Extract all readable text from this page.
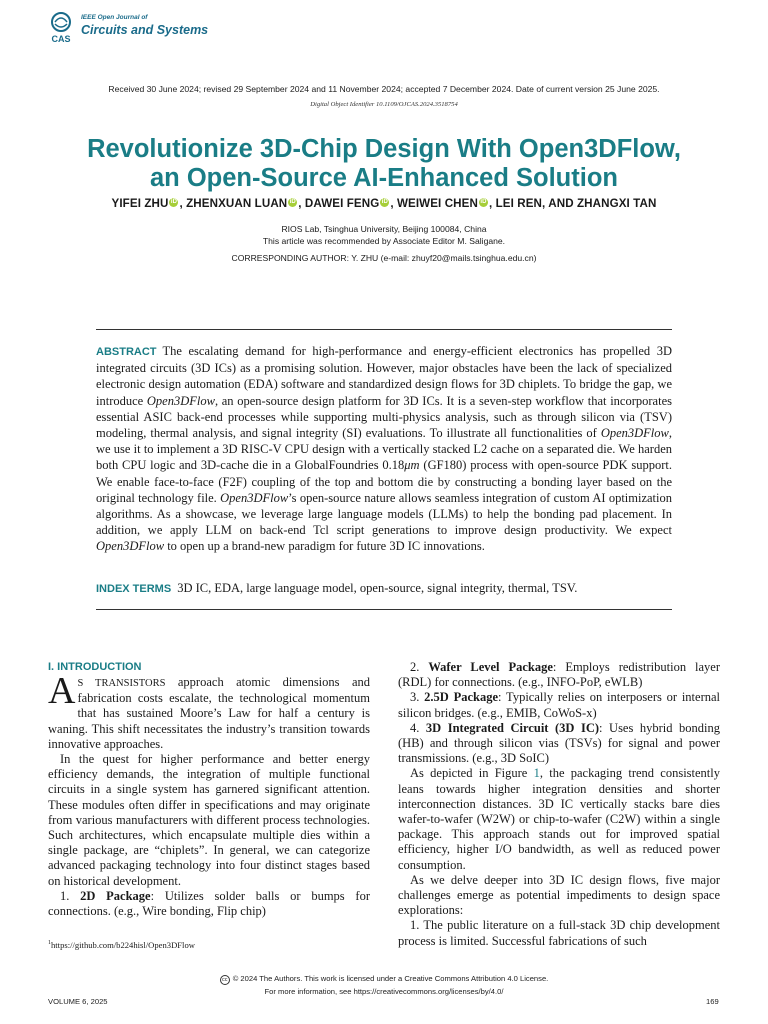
CAS
IEEE Open Journal of
Circuits and Systems
Received 30 June 2024; revised 29 September 2024 and 11 November 2024; accepted 7 December 2024. Date of current version 25 June 2025.
Digital Object Identifier 10.1109/OJCAS.2024.3518754
Revolutionize 3D-Chip Design With Open3DFlow,
an Open-Source AI-Enhanced Solution
YIFEI ZHU iD , ZHENXUAN LUAN iD , DAWEI FENG iD , WEIWEI CHEN iD , LEI REN, AND ZHANGXI TAN
RIOS Lab, Tsinghua University, Beijing 100084, China
This article was recommended by Associate Editor M. Saligane.
CORRESPONDING AUTHOR: Y. ZHU (e-mail: zhuyf20@mails.tsinghua.edu.cn)
ABSTRACT The escalating demand for high-performance and energy-efficient electronics has propelled 3D integrated circuits (3D ICs) as a promising solution. However, major obstacles have been the lack of specialized electronic design automation (EDA) software and standardized design flows for 3D chiplets. To bridge the gap, we introduce Open3DFlow, an open-source design platform for 3D ICs. It is a seven-step workflow that incorporates essential ASIC back-end processes while supporting multi-physics analysis, such as through silicon via (TSV) modeling, thermal analysis, and signal integrity (SI) evaluations. To illustrate all functionalities of Open3DFlow, we use it to implement a 3D RISC-V CPU design with a vertically stacked L2 cache on a separated die. We harden both CPU logic and 3D-cache die in a GlobalFoundries 0.18μm (GF180) process with open-source PDK support. We enable face-to-face (F2F) coupling of the top and bottom die by constructing a bonding layer based on the original technology file. Open3DFlow’s open-source nature allows seamless integration of custom AI optimization algorithms. As a showcase, we leverage large language models (LLMs) to help the bonding pad placement. In addition, we apply LLM on back-end Tcl script generations to improve design productivity. We expect Open3DFlow to open up a brand-new paradigm for future 3D IC innovations.
INDEX TERMS 3D IC, EDA, large language model, open-source, signal integrity, thermal, TSV.
I. INTRODUCTION

A S TRANSISTORS approach atomic dimensions and fabrication costs escalate, the technological momentum that has sustained Moore’s Law for half a century is waning. This shift necessitates the industry’s transition towards innovative approaches.

In the quest for higher performance and better energy efficiency demands, the integration of multiple functional circuits in a single system has garnered significant attention. These modules often differ in specifications and may originate from various manufacturers with different process technologies. Such architectures, which encapsulate multiple dies within a single package, are “chiplets”. In general, we can categorize advanced packaging technology into four distinct stages based on historical development.

1. 2D Package: Utilizes solder balls or bumps for connections. (e.g., Wire bonding, Flip chip)

2. Wafer Level Package: Employs redistribution layer (RDL) for connections. (e.g., INFO-PoP, eWLB)

3. 2.5D Package: Typically relies on interposers or internal silicon bridges. (e.g., EMIB, CoWoS-x)

4. 3D Integrated Circuit (3D IC): Uses hybrid bonding (HB) and through silicon vias (TSVs) for signal and power transmissions. (e.g., 3D SoIC)

As depicted in Figure 1, the packaging trend consistently leans towards higher integration densities and shorter interconnection distances. 3D IC vertically stacks bare dies wafer-to-wafer (W2W) or chip-to-wafer (C2W) within a single package. This approach stands out for improved spatial efficiency, higher I/O bandwidth, as well as reduced power consumption.

As we delve deeper into 3D IC design flows, five major challenges emerge as potential impediments to design space explorations:

1. The public literature on a full-stack 3D chip development process is limited. Successful fabrications of such

$^1$https://github.com/b224hisl/Open3DFlow
cc © 2024 The Authors. This work is licensed under a Creative Commons Attribution 4.0 License.
For more information, see https://creativecommons.org/licenses/by/4.0/
VOLUME 6, 2025	169
